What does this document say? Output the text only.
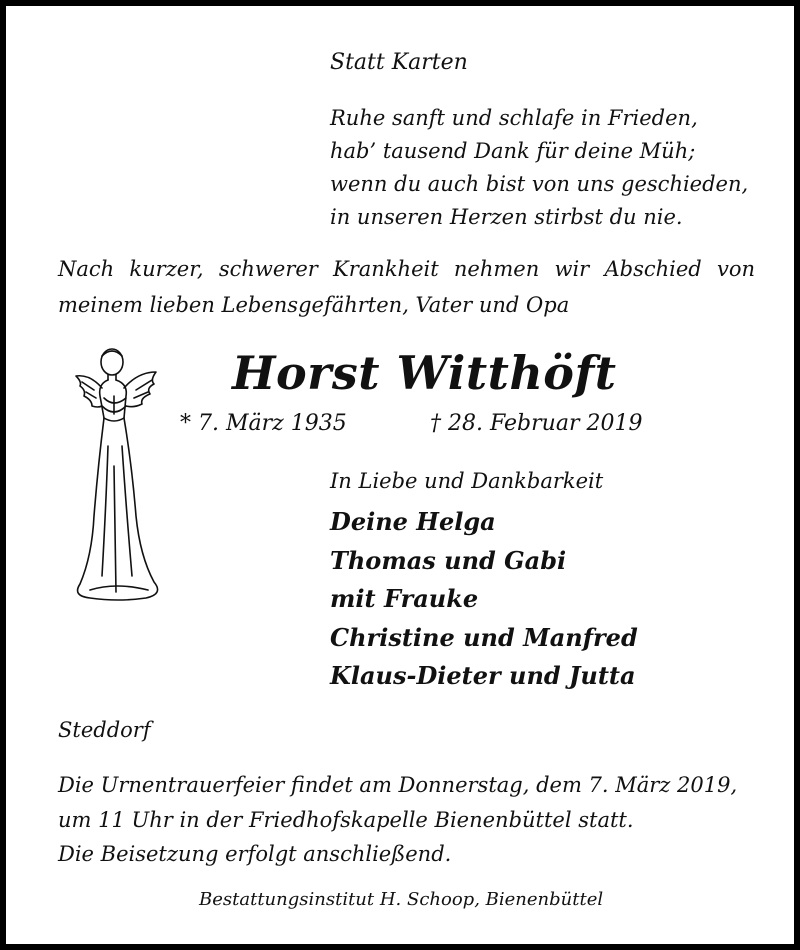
Statt Karten

Ruhe sanft und schlafe in Frieden,
hab’ tausend Dank für deine Müh;
wenn du auch bist von uns geschieden,
in unseren Herzen stirbst du nie.

Nach kurzer, schwerer Krankheit nehmen wir Abschied von
meinem lieben Lebensgefährten, Vater und Opa

Horst Witthöft

* 7. März 1935	† 28. Februar 2019

In Liebe und Dankbarkeit

Deine Helga
Thomas und Gabi
mit Frauke
Christine und Manfred
Klaus-Dieter und Jutta

Steddorf

Die Urnentrauerfeier findet am Donnerstag, dem 7. März 2019,
um 11 Uhr in der Friedhofskapelle Bienenbüttel statt.
Die Beisetzung erfolgt anschließend.

Bestattungsinstitut H. Schoop, Bienenbüttel
